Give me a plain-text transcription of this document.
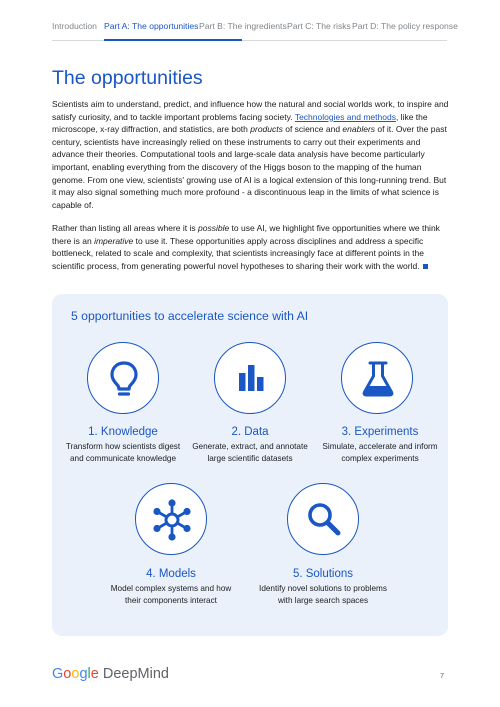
Introduction Part A: The opportunities Part B: The ingredients Part C: The risks Part D: The policy response
The opportunities

Scientists aim to understand, predict, and influence how the natural and social worlds work, to inspire and satisfy curiosity, and to tackle important problems facing society. Technologies and methods, like the microscope, x-ray diffraction, and statistics, are both products of science and enablers of it. Over the past century, scientists have increasingly relied on these instruments to carry out their experiments and advance their theories. Computational tools and large-scale data analysis have become particularly important, enabling everything from the discovery of the Higgs boson to the mapping of the human genome. From one view, scientists' growing use of AI is a logical extension of this long-running trend. But it may also signal something much more profound - a discontinuous leap in the limits of what science is capable of.

Rather than listing all areas where it is possible to use AI, we highlight five opportunities where we think there is an imperative to use it. These opportunities apply across disciplines and address a specific bottleneck, related to scale and complexity, that scientists increasingly face at different points in the scientific process, from generating powerful novel hypotheses to sharing their work with the world.

5 opportunities to accelerate science with AI
1. Knowledge
Transform how scientists digest and communicate knowledge
2. Data
Generate, extract, and annotate large scientific datasets
3. Experiments
Simulate, accelerate and inform complex experiments
4. Models
Model complex systems and how their components interact
5. Solutions
Identify novel solutions to problems with large search spaces
Google DeepMind	7
